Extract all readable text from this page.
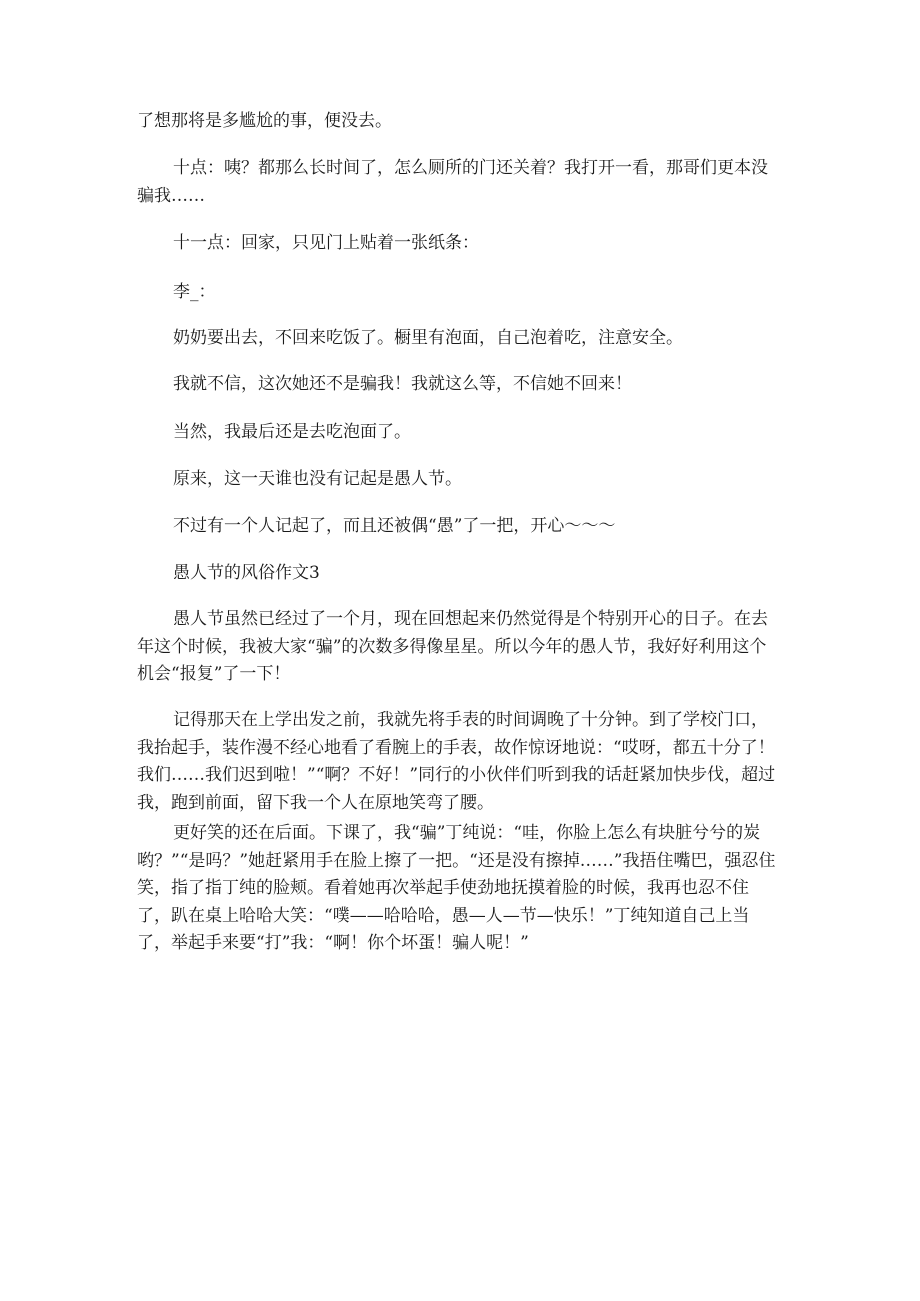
了想那将是多尴尬的事，便没去。

十点：咦？都那么长时间了，怎么厕所的门还关着？我打开一看，那哥们更本没骗我……

十一点：回家，只见门上贴着一张纸条：

李_：

奶奶要出去，不回来吃饭了。橱里有泡面，自己泡着吃，注意安全。

我就不信，这次她还不是骗我！我就这么等，不信她不回来！

当然，我最后还是去吃泡面了。

原来，这一天谁也没有记起是愚人节。

不过有一个人记起了，而且还被偶“愚”了一把，开心～～～

愚人节的风俗作文3

愚人节虽然已经过了一个月，现在回想起来仍然觉得是个特别开心的日子。在去年这个时候，我被大家“骗”的次数多得像星星。所以今年的愚人节，我好好利用这个机会“报复”了一下！

记得那天在上学出发之前，我就先将手表的时间调晚了十分钟。到了学校门口，我抬起手，装作漫不经心地看了看腕上的手表，故作惊讶地说：“哎呀，都五十分了！我们……我们迟到啦！”“啊？不好！”同行的小伙伴们听到我的话赶紧加快步伐，超过我，跑到前面，留下我一个人在原地笑弯了腰。

更好笑的还在后面。下课了，我“骗”丁纯说：“哇，你脸上怎么有块脏兮兮的炭哟？”“是吗？”她赶紧用手在脸上擦了一把。“还是没有擦掉……”我捂住嘴巴，强忍住笑，指了指丁纯的脸颊。看着她再次举起手使劲地抚摸着脸的时候，我再也忍不住了，趴在桌上哈哈大笑：“噗——哈哈哈，愚—人—节—快乐！”丁纯知道自己上当了，举起手来要“打”我：“啊！你个坏蛋！骗人呢！”
